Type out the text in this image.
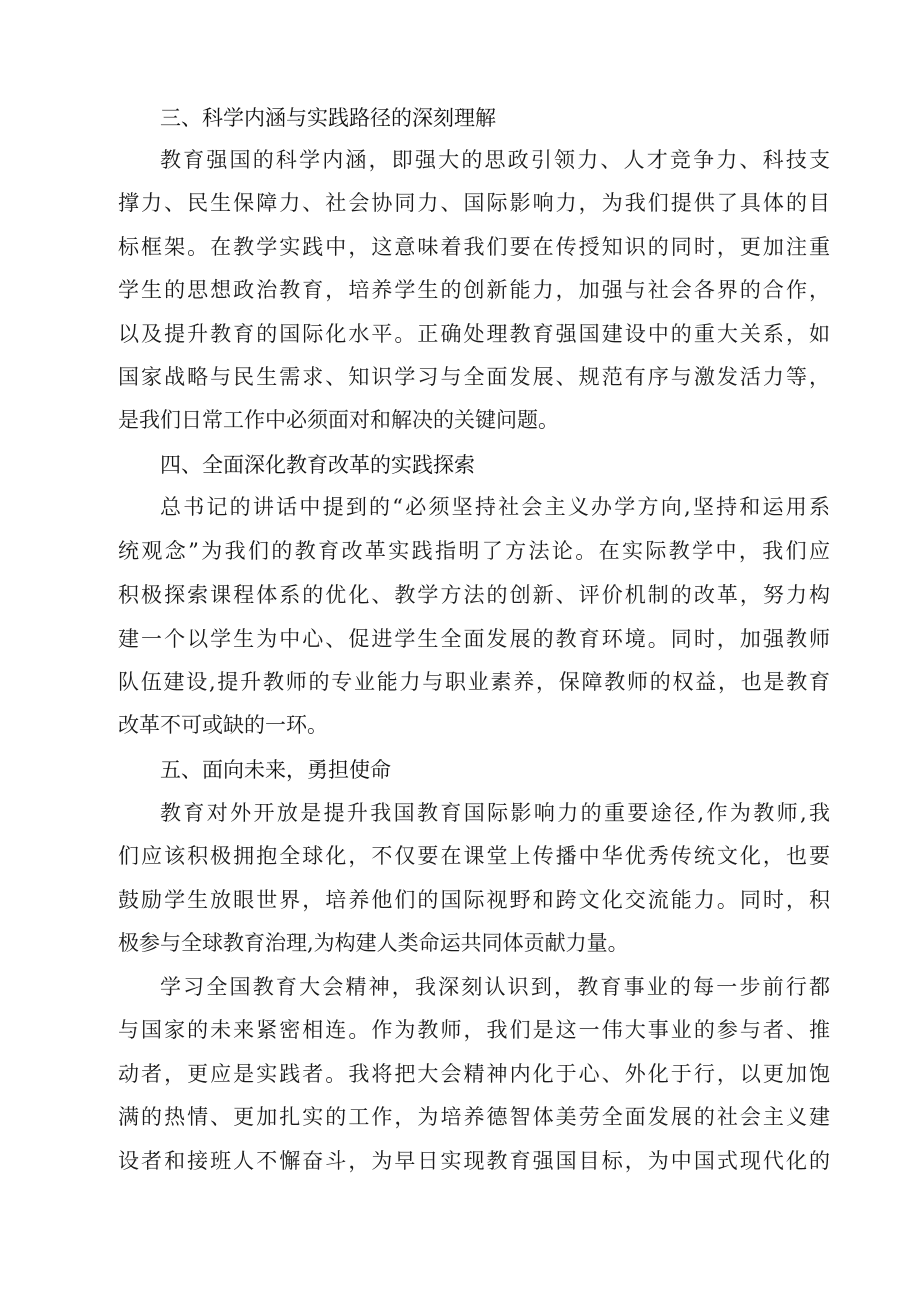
三、科学内涵与实践路径的深刻理解
教育强国的科学内涵，即强大的思政引领力、人才竞争力、科技支
撑力、民生保障力、社会协同力、国际影响力，为我们提供了具体的目
标框架。在教学实践中，这意味着我们要在传授知识的同时，更加注重
学生的思想政治教育，培养学生的创新能力，加强与社会各界的合作，
以及提升教育的国际化水平。正确处理教育强国建设中的重大关系，如
国家战略与民生需求、知识学习与全面发展、规范有序与激发活力等，
是我们日常工作中必须面对和解决的关键问题。
四、全面深化教育改革的实践探索
总书记的讲话中提到的“必须坚持社会主义办学方向,坚持和运用系
统观念”为我们的教育改革实践指明了方法论。在实际教学中，我们应
积极探索课程体系的优化、教学方法的创新、评价机制的改革，努力构
建一个以学生为中心、促进学生全面发展的教育环境。同时，加强教师
队伍建设,提升教师的专业能力与职业素养，保障教师的权益，也是教育
改革不可或缺的一环。
五、面向未来，勇担使命
教育对外开放是提升我国教育国际影响力的重要途径,作为教师,我
们应该积极拥抱全球化，不仅要在课堂上传播中华优秀传统文化，也要
鼓励学生放眼世界，培养他们的国际视野和跨文化交流能力。同时，积
极参与全球教育治理,为构建人类命运共同体贡献力量。
学习全国教育大会精神，我深刻认识到，教育事业的每一步前行都
与国家的未来紧密相连。作为教师，我们是这一伟大事业的参与者、推
动者，更应是实践者。我将把大会精神内化于心、外化于行，以更加饱
满的热情、更加扎实的工作，为培养德智体美劳全面发展的社会主义建
设者和接班人不懈奋斗，为早日实现教育强国目标，为中国式现代化的
